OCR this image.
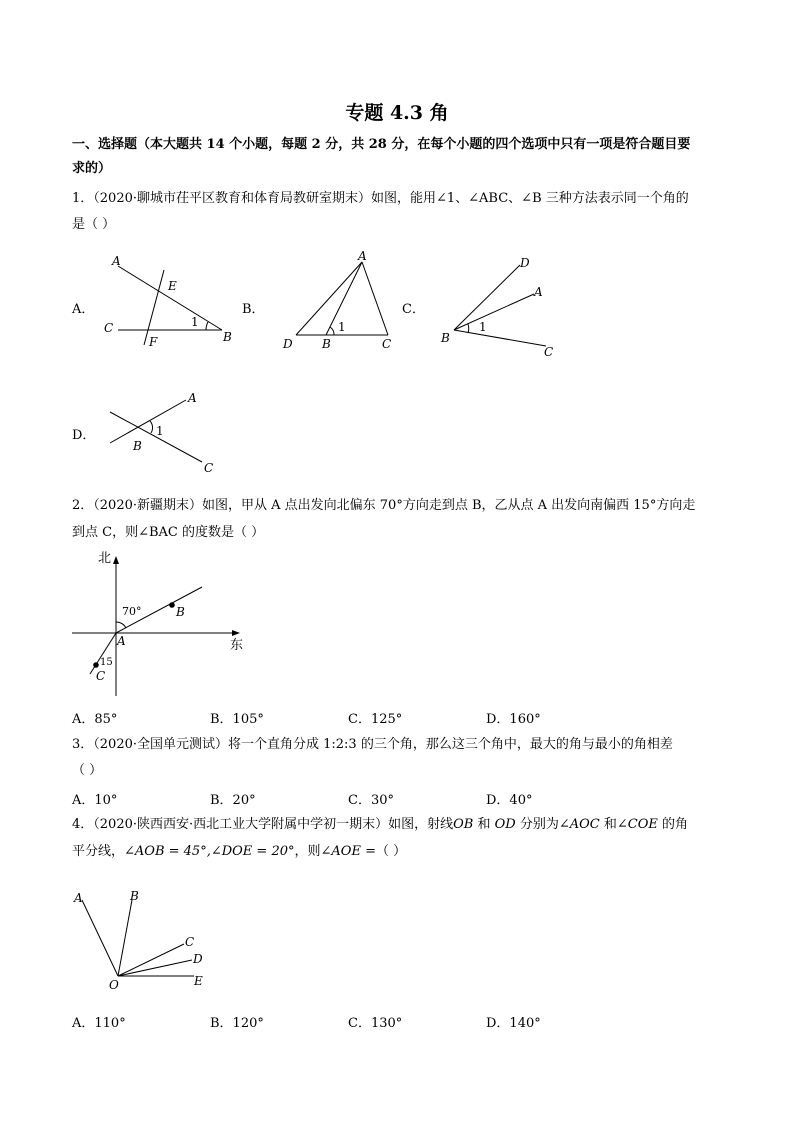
专题 4.3 角
一、选择题（本大题共 14 个小题，每题 2 分，共 28 分，在每个小题的四个选项中只有一项是符合题目要
求的）
1．（2020·聊城市茌平区教育和体育局教研室期末）如图，能用∠1、∠ABC、∠B 三种方法表示同一个角的
是（ ）
A．
A
E
C
F	B
1
B．
A
D B	C
1
C．
D
A
B
C
1
D．
A
B
C
1
2．（2020·新疆期末）如图，甲从 A 点出发向北偏东 70°方向走到点 B，乙从点 A 出发向南偏西 15°方向走
到点 C，则∠BAC 的度数是（ ）
北
东
70°
15
A
B
C
A．85°	B．105°	C．125°	D．160°
3．（2020·全国单元测试）将一个直角分成 1:2:3 的三个角，那么这三个角中，最大的角与最小的角相差
（ ）
A．10°	B．20°	C．30°	D．40°
4．（2020·陕西西安·西北工业大学附属中学初一期末）如图，射线OB 和 OD 分别为∠AOC 和∠COE 的角
平分线，∠AOB = 45°,∠DOE = 20°，则∠AOE =（ ）
A	B
C
D
E
O
A．110°	B．120°	C．130°	D．140°
